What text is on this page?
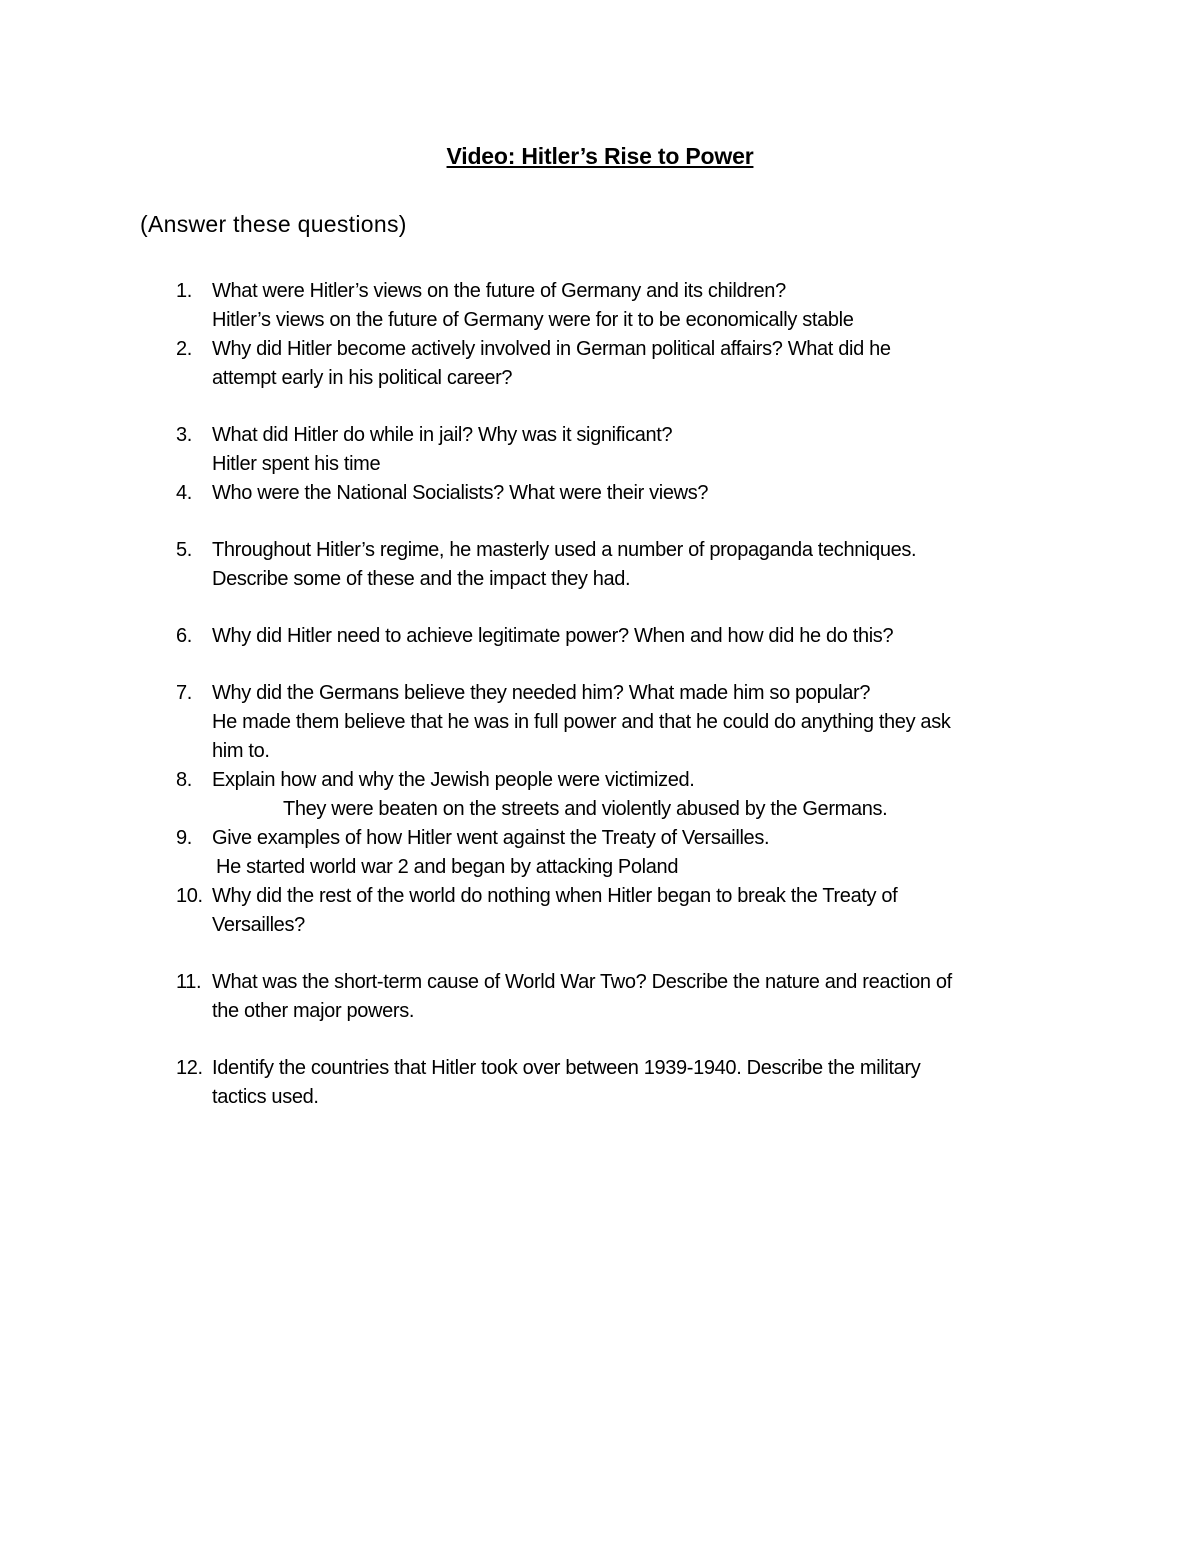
Video: Hitler’s Rise to Power
(Answer these questions)
1.	What were Hitler’s views on the future of Germany and its children?
Hitler’s views on the future of Germany were for it to be economically stable
2.	Why did Hitler become actively involved in German political affairs? What did he
attempt early in his political career?
3.	What did Hitler do while in jail? Why was it significant?
Hitler spent his time
4.	Who were the National Socialists? What were their views?
5.	Throughout Hitler’s regime, he masterly used a number of propaganda techniques.
Describe some of these and the impact they had.
6.	Why did Hitler need to achieve legitimate power? When and how did he do this?
7.	Why did the Germans believe they needed him? What made him so popular?
He made them believe that he was in full power and that he could do anything they ask
him to.
8.	Explain how and why the Jewish people were victimized.
They were beaten on the streets and violently abused by the Germans.
9.	Give examples of how Hitler went against the Treaty of Versailles.
He started world war 2 and began by attacking Poland
10. Why did the rest of the world do nothing when Hitler began to break the Treaty of
Versailles?
11. What was the short-term cause of World War Two? Describe the nature and reaction of
the other major powers.
12. Identify the countries that Hitler took over between 1939-1940. Describe the military
tactics used.
